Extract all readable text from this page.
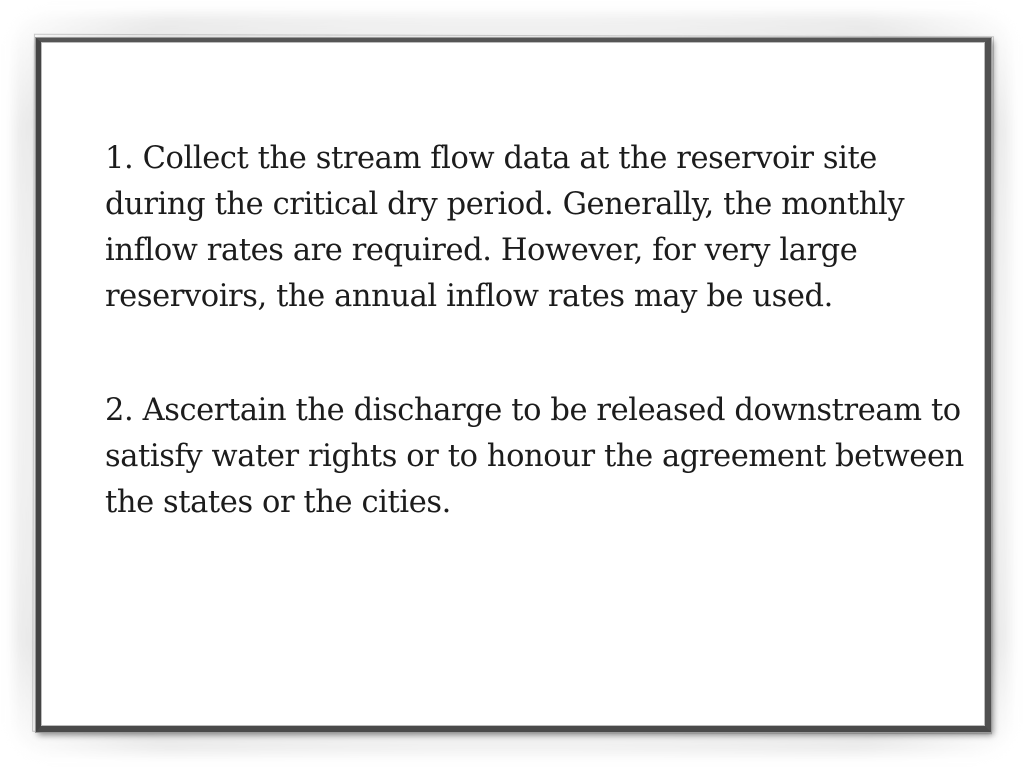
1. Collect the stream flow data at the reservoir site during the critical dry period. Generally, the monthly inflow rates are required. However, for very large reservoirs, the annual inflow rates may be used.

2. Ascertain the discharge to be released downstream to satisfy water rights or to honour the agreement between the states or the cities.
